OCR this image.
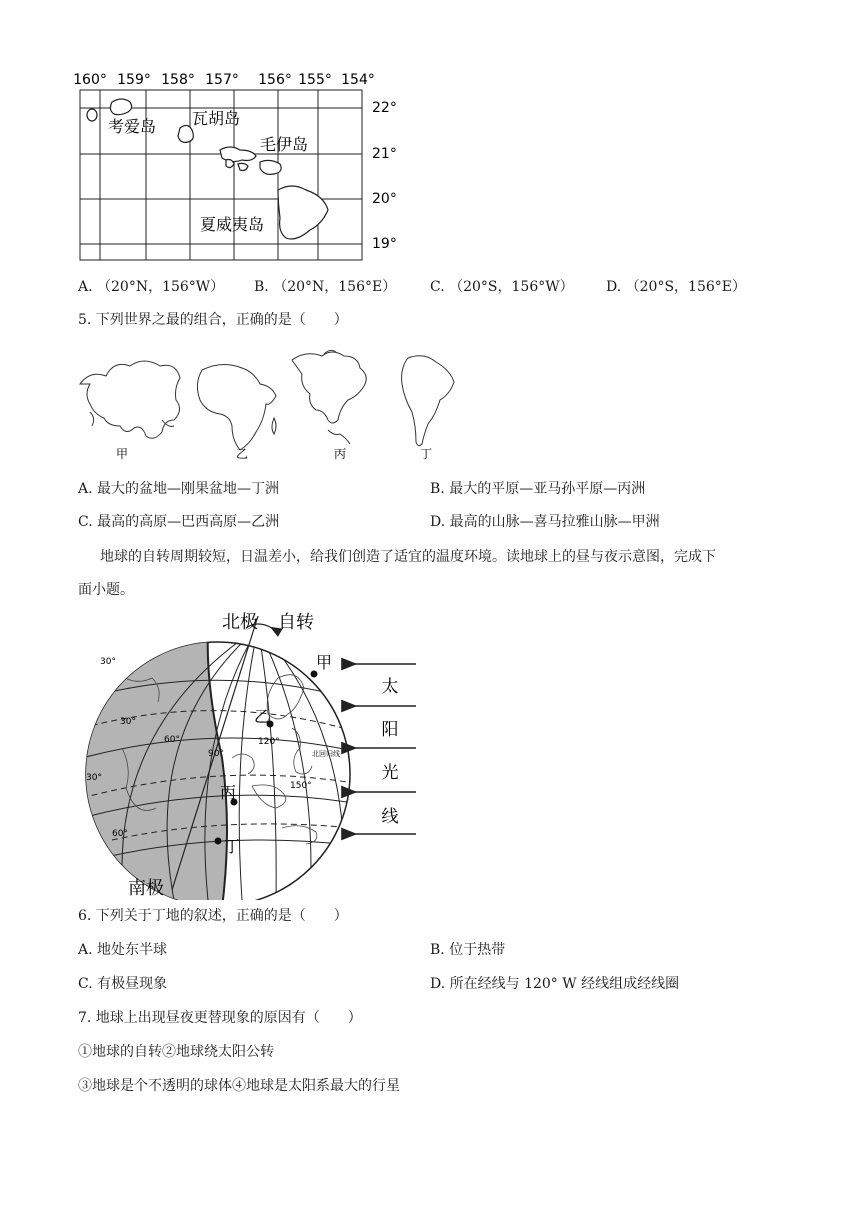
160° 159° 158° 157° 156° 155° 154°
22°
21°
20°
19°
考爱岛 瓦胡岛
毛伊岛
夏威夷岛
A. （20°N，156°W） B. （20°N，156°E） C. （20°S，156°W） D. （20°S，156°E）
5. 下列世界之最的组合，正确的是（　　）
甲	乙	丙	丁
A. 最大的盆地—刚果盆地—丁洲	B. 最大的平原—亚马孙平原—丙洲
C. 最高的高原—巴西高原—乙洲	D. 最高的山脉—喜马拉雅山脉—甲洲
地球的自转周期较短，日温差小，给我们创造了适宜的温度环境。读地球上的昼与夜示意图，完成下
面小题。
北极 自转
南极
甲
乙
丙
丁
30°
30°
30°
60°
60°
90°
120°
150°
北回归线
太
阳
光
线
6. 下列关于丁地的叙述，正确的是（　　）
A. 地处东半球	B. 位于热带
C. 有极昼现象	D. 所在经线与 120° W 经线组成经线圈
7. 地球上出现昼夜更替现象的原因有（　　）
①地球的自转②地球绕太阳公转
③地球是个不透明的球体④地球是太阳系最大的行星
